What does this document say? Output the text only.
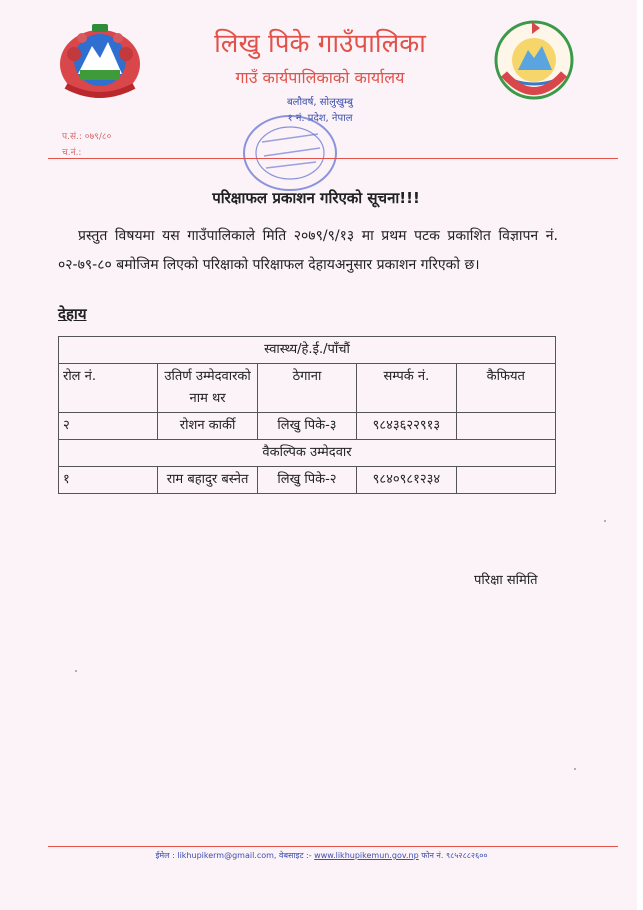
लिखु पिके गाउँपालिका
गाउँ कार्यपालिकाको कार्यालय
बलौवर्ष, सोलुखुम्बु
१ नं. प्रदेश, नेपाल
प.सं.: ०७९/८०
च.नं.:
परिक्षाफल प्रकाशन गरिएको सूचना!!!
प्रस्तुत विषयमा यस गाउँपालिकाले मिति २०७९/९/१३ मा प्रथम पटक प्रकाशित विज्ञापन नं. ०२-७९-८० बमोजिम लिएको परिक्षाको परिक्षाफल देहायअनुसार प्रकाशन गरिएको छ।
देहाय
स्वास्थ्य/हे.ई./पाँचौं				
रोल नं.	उतिर्ण उम्मेदवारको नाम थर	ठेगाना	सम्पर्क नं.	कैफियत
२	रोशन कार्की	लिखु पिके-३	९८४३६२२९१३	
वैकल्पिक उम्मेदवार				
१	राम बहादुर बस्नेत	लिखु पिके-२	९८४०९८१२३४	
परिक्षा समिति
ईमेल : likhupikerm@gmail.com, वेबसाइट :- www.likhupikemun.gov.np फोन नं. ९८५२८८२६००
